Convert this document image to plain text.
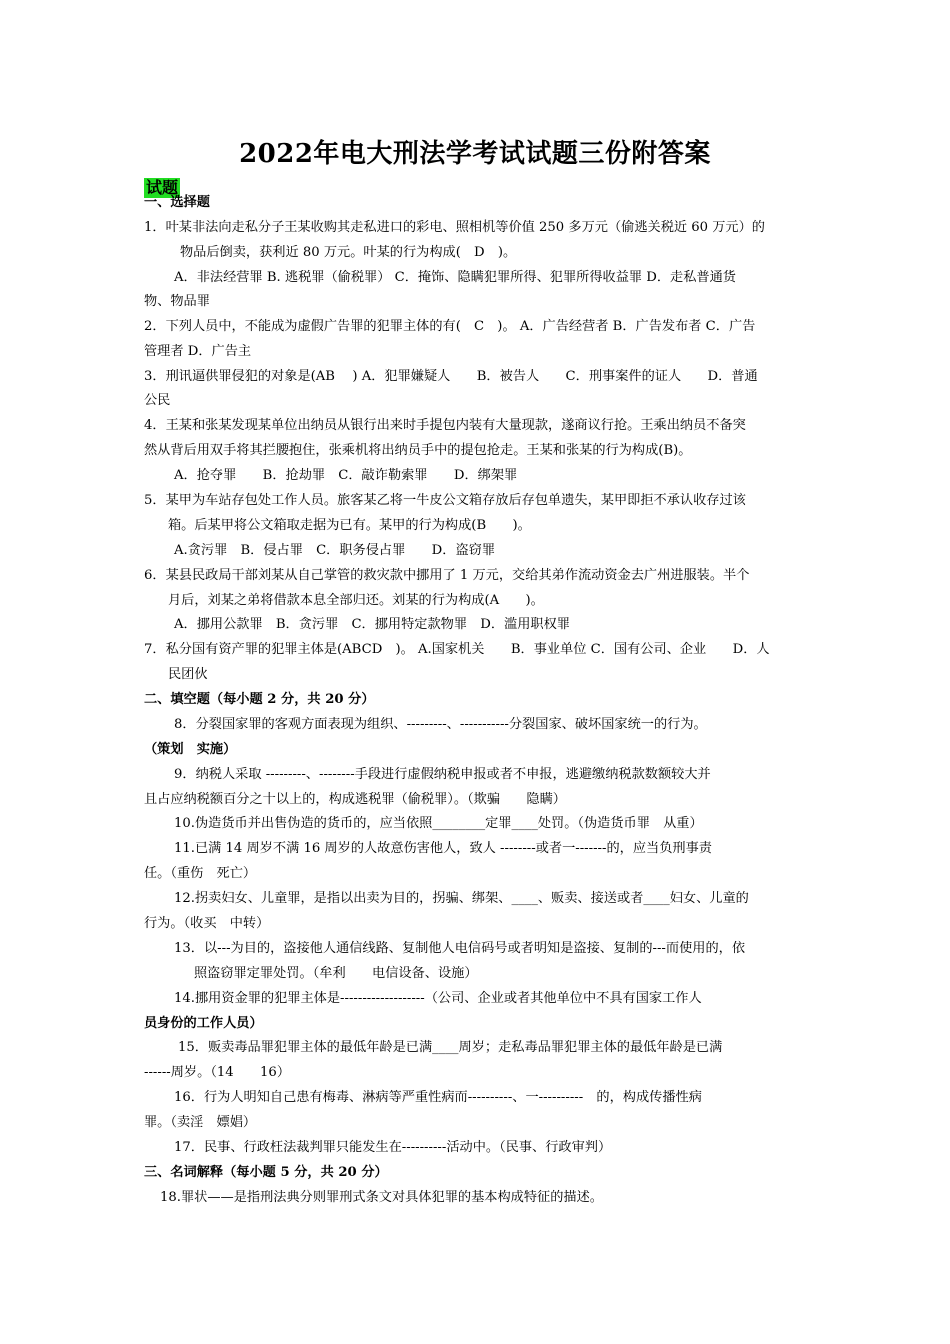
2022年电大刑法学考试试题三份附答案
试题
一、选择题
1．叶某非法向走私分子王某收购其走私进口的彩电、照相机等价值 250 多万元（偷逃关税近 60 万元）的
物品后倒卖，获利近 80 万元。叶某的行为构成(　D　)。
A．非法经营罪 B. 逃税罪（偷税罪） C．掩饰、隐瞒犯罪所得、犯罪所得收益罪 D．走私普通货
物、物品罪
2．下列人员中，不能成为虚假广告罪的犯罪主体的有(　C　)。 A．广告经营者 B．广告发布者 C．广告
管理者 D．广告主
3．刑讯逼供罪侵犯的对象是(AB　 ) A．犯罪嫌疑人　　B．被告人　　C．刑事案件的证人　　D．普通
公民
4．王某和张某发现某单位出纳员从银行出来时手提包内装有大量现款，遂商议行抢。王乘出纳员不备突
然从背后用双手将其拦腰抱住，张乘机将出纳员手中的提包抢走。王某和张某的行为构成(B)。
A．抢夺罪　　B．抢劫罪　C．敲诈勒索罪　　D．绑架罪
5．某甲为车站存包处工作人员。旅客某乙将一牛皮公文箱存放后存包单遗失，某甲即拒不承认收存过该
箱。后某甲将公文箱取走据为已有。某甲的行为构成(B　　)。
A.贪污罪　B．侵占罪　C．职务侵占罪　　D．盗窃罪
6．某县民政局干部刘某从自己掌管的救灾款中挪用了 1 万元，交给其弟作流动资金去广州进服装。半个
月后，刘某之弟将借款本息全部归还。刘某的行为构成(A　　)。
A．挪用公款罪　B．贪污罪　C．挪用特定款物罪　D．滥用职权罪
7．私分国有资产罪的犯罪主体是(ABCD　)。 A.国家机关　　B．事业单位 C．国有公司、企业　　D．人
民团伙
二、填空题（每小题 2 分，共 20 分）
8．分裂国家罪的客观方面表现为组织、---------、-----------分裂国家、破坏国家统一的行为。
（策划　实施）
9．纳税人采取 ---------、--------手段进行虚假纳税申报或者不申报，逃避缴纳税款数额较大并
且占应纳税额百分之十以上的，构成逃税罪（偷税罪）。（欺骗　　隐瞒）
10.伪造货币并出售伪造的货币的，应当依照________定罪____处罚。（伪造货币罪　从重）
11.已满 14 周岁不满 16 周岁的人故意伤害他人，致人 --------或者一-------的，应当负刑事责
任。（重伤　死亡）
12.拐卖妇女、儿童罪，是指以出卖为目的，拐骗、绑架、____、贩卖、接送或者____妇女、儿童的
行为。（收买　中转）
13．以---为目的，盗接他人通信线路、复制他人电信码号或者明知是盗接、复制的---而使用的，依
照盗窃罪定罪处罚。（牟利　　电信设备、设施）
14.挪用资金罪的犯罪主体是-------------------（公司、企业或者其他单位中不具有国家工作人
员身份的工作人员）
15．贩卖毒品罪犯罪主体的最低年龄是已满____周岁；走私毒品罪犯罪主体的最低年龄是已满
------周岁。（14　　16）
16．行为人明知自己患有梅毒、淋病等严重性病而----------、一----------　的，构成传播性病
罪。（卖淫　嫖娼）
17．民事、行政枉法裁判罪只能发生在----------活动中。（民事、行政审判）
三、名词解释（每小题 5 分，共 20 分）
18.罪状——是指刑法典分则罪刑式条文对具体犯罪的基本构成特征的描述。
